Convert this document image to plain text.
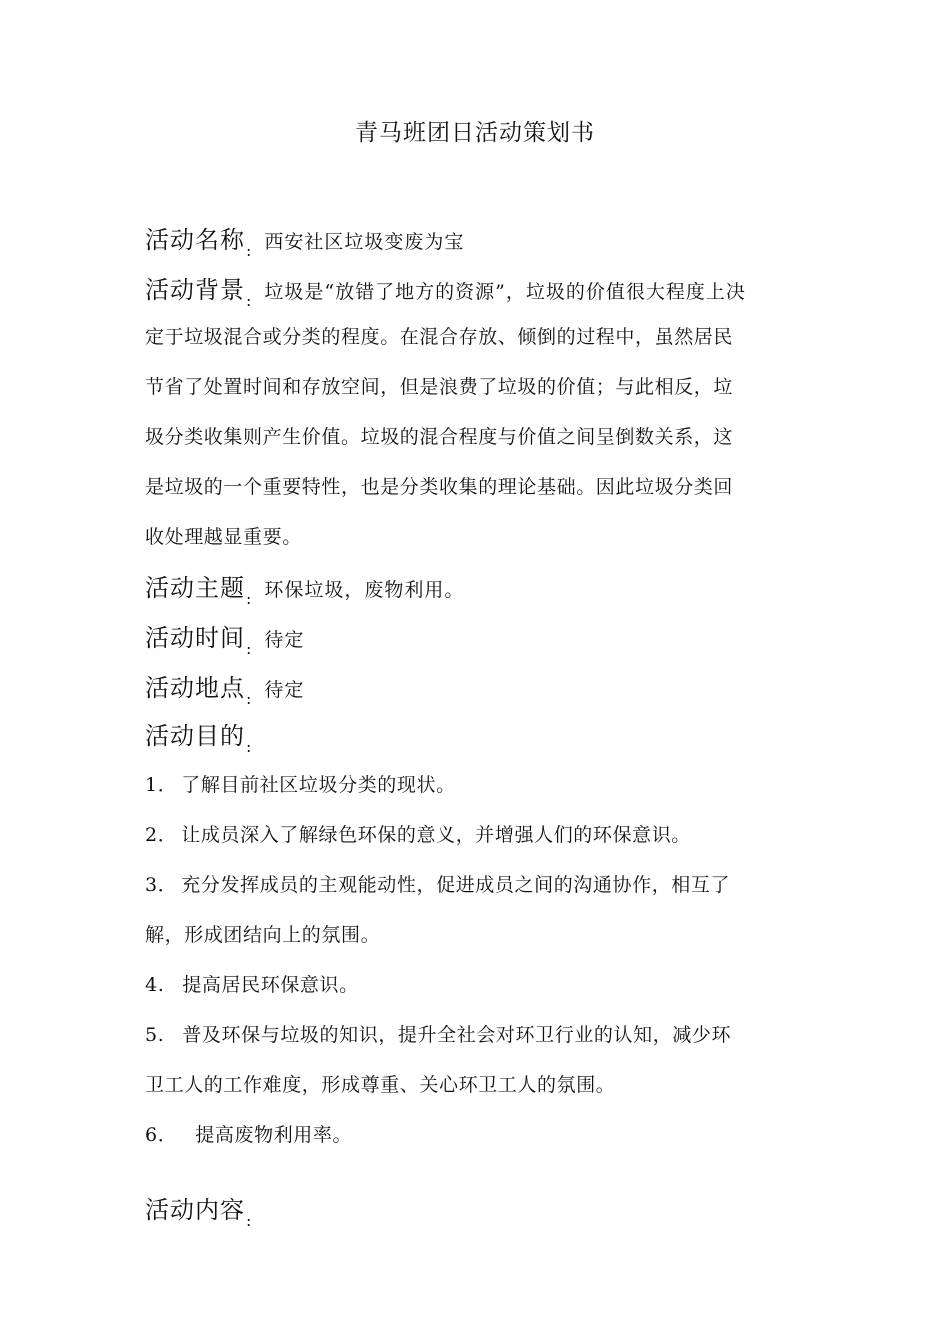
青马班团日活动策划书
活动名称: 西安社区垃圾变废为宝
活动背景: 垃圾是“放错了地方的资源”，垃圾的价值很大程度上决
定于垃圾混合或分类的程度。在混合存放、倾倒的过程中，虽然居民
节省了处置时间和存放空间，但是浪费了垃圾的价值；与此相反，垃
圾分类收集则产生价值。垃圾的混合程度与价值之间呈倒数关系，这
是垃圾的一个重要特性，也是分类收集的理论基础。因此垃圾分类回
收处理越显重要。
活动主题: 环保垃圾，废物利用。
活动时间: 待定
活动地点: 待定
活动目的:
1． 了解目前社区垃圾分类的现状。
2． 让成员深入了解绿色环保的意义，并增强人们的环保意识。
3． 充分发挥成员的主观能动性，促进成员之间的沟通协作，相互了
解，形成团结向上的氛围。
4. 提高居民环保意识。
5. 普及环保与垃圾的知识，提升全社会对环卫行业的认知，减少环
卫工人的工作难度，形成尊重、关心环卫工人的氛围。
6． 提高废物利用率。
活动内容:
